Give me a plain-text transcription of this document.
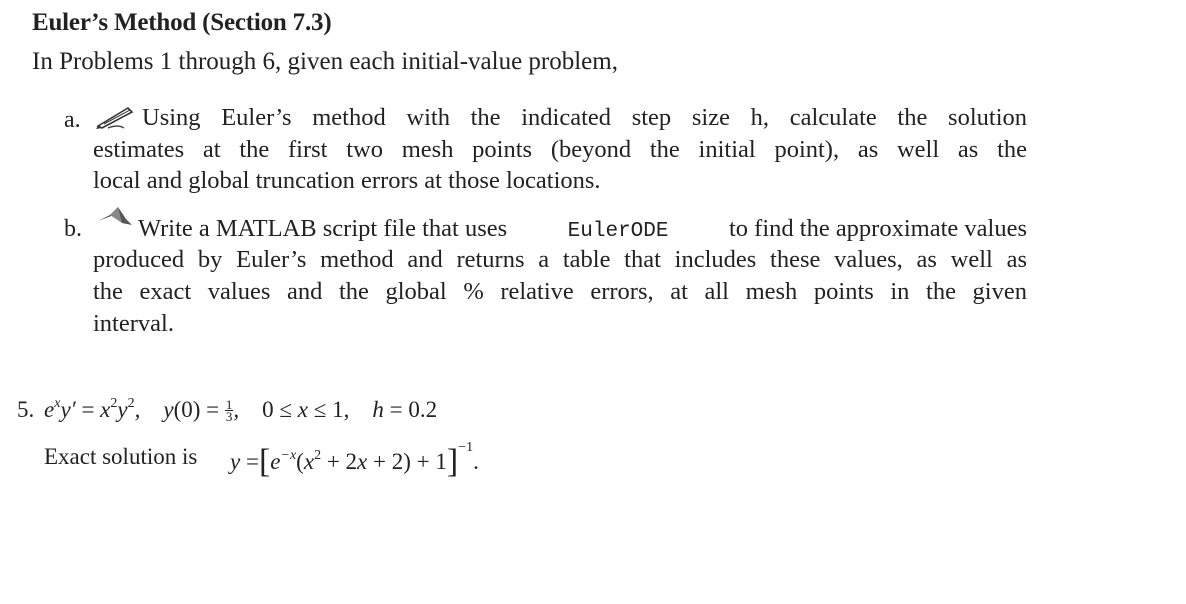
Euler’s Method (Section 7.3)
In Problems 1 through 6, given each initial-value problem,
a.	Using Euler’s method with the indicated step size h, calculate the solution
estimates at the first two mesh points (beyond the initial point), as well as the
local and global truncation errors at those locations.
b. Write a MATLAB script file that uses	EulerODE to find the approximate values
produced by Euler’s method and returns a table that includes these values, as well as
the exact values and the global % relative errors, at all mesh points in the given
interval.
5. $e^xy' = x^2y^2$,    $y(0) = \frac{1}{3}$ ,    0 ≤ x ≤ 1,    h = 0.2
Exact solution is $y =[e^{-x}(x^2 + 2x + 2) + 1]^{-1}$.
